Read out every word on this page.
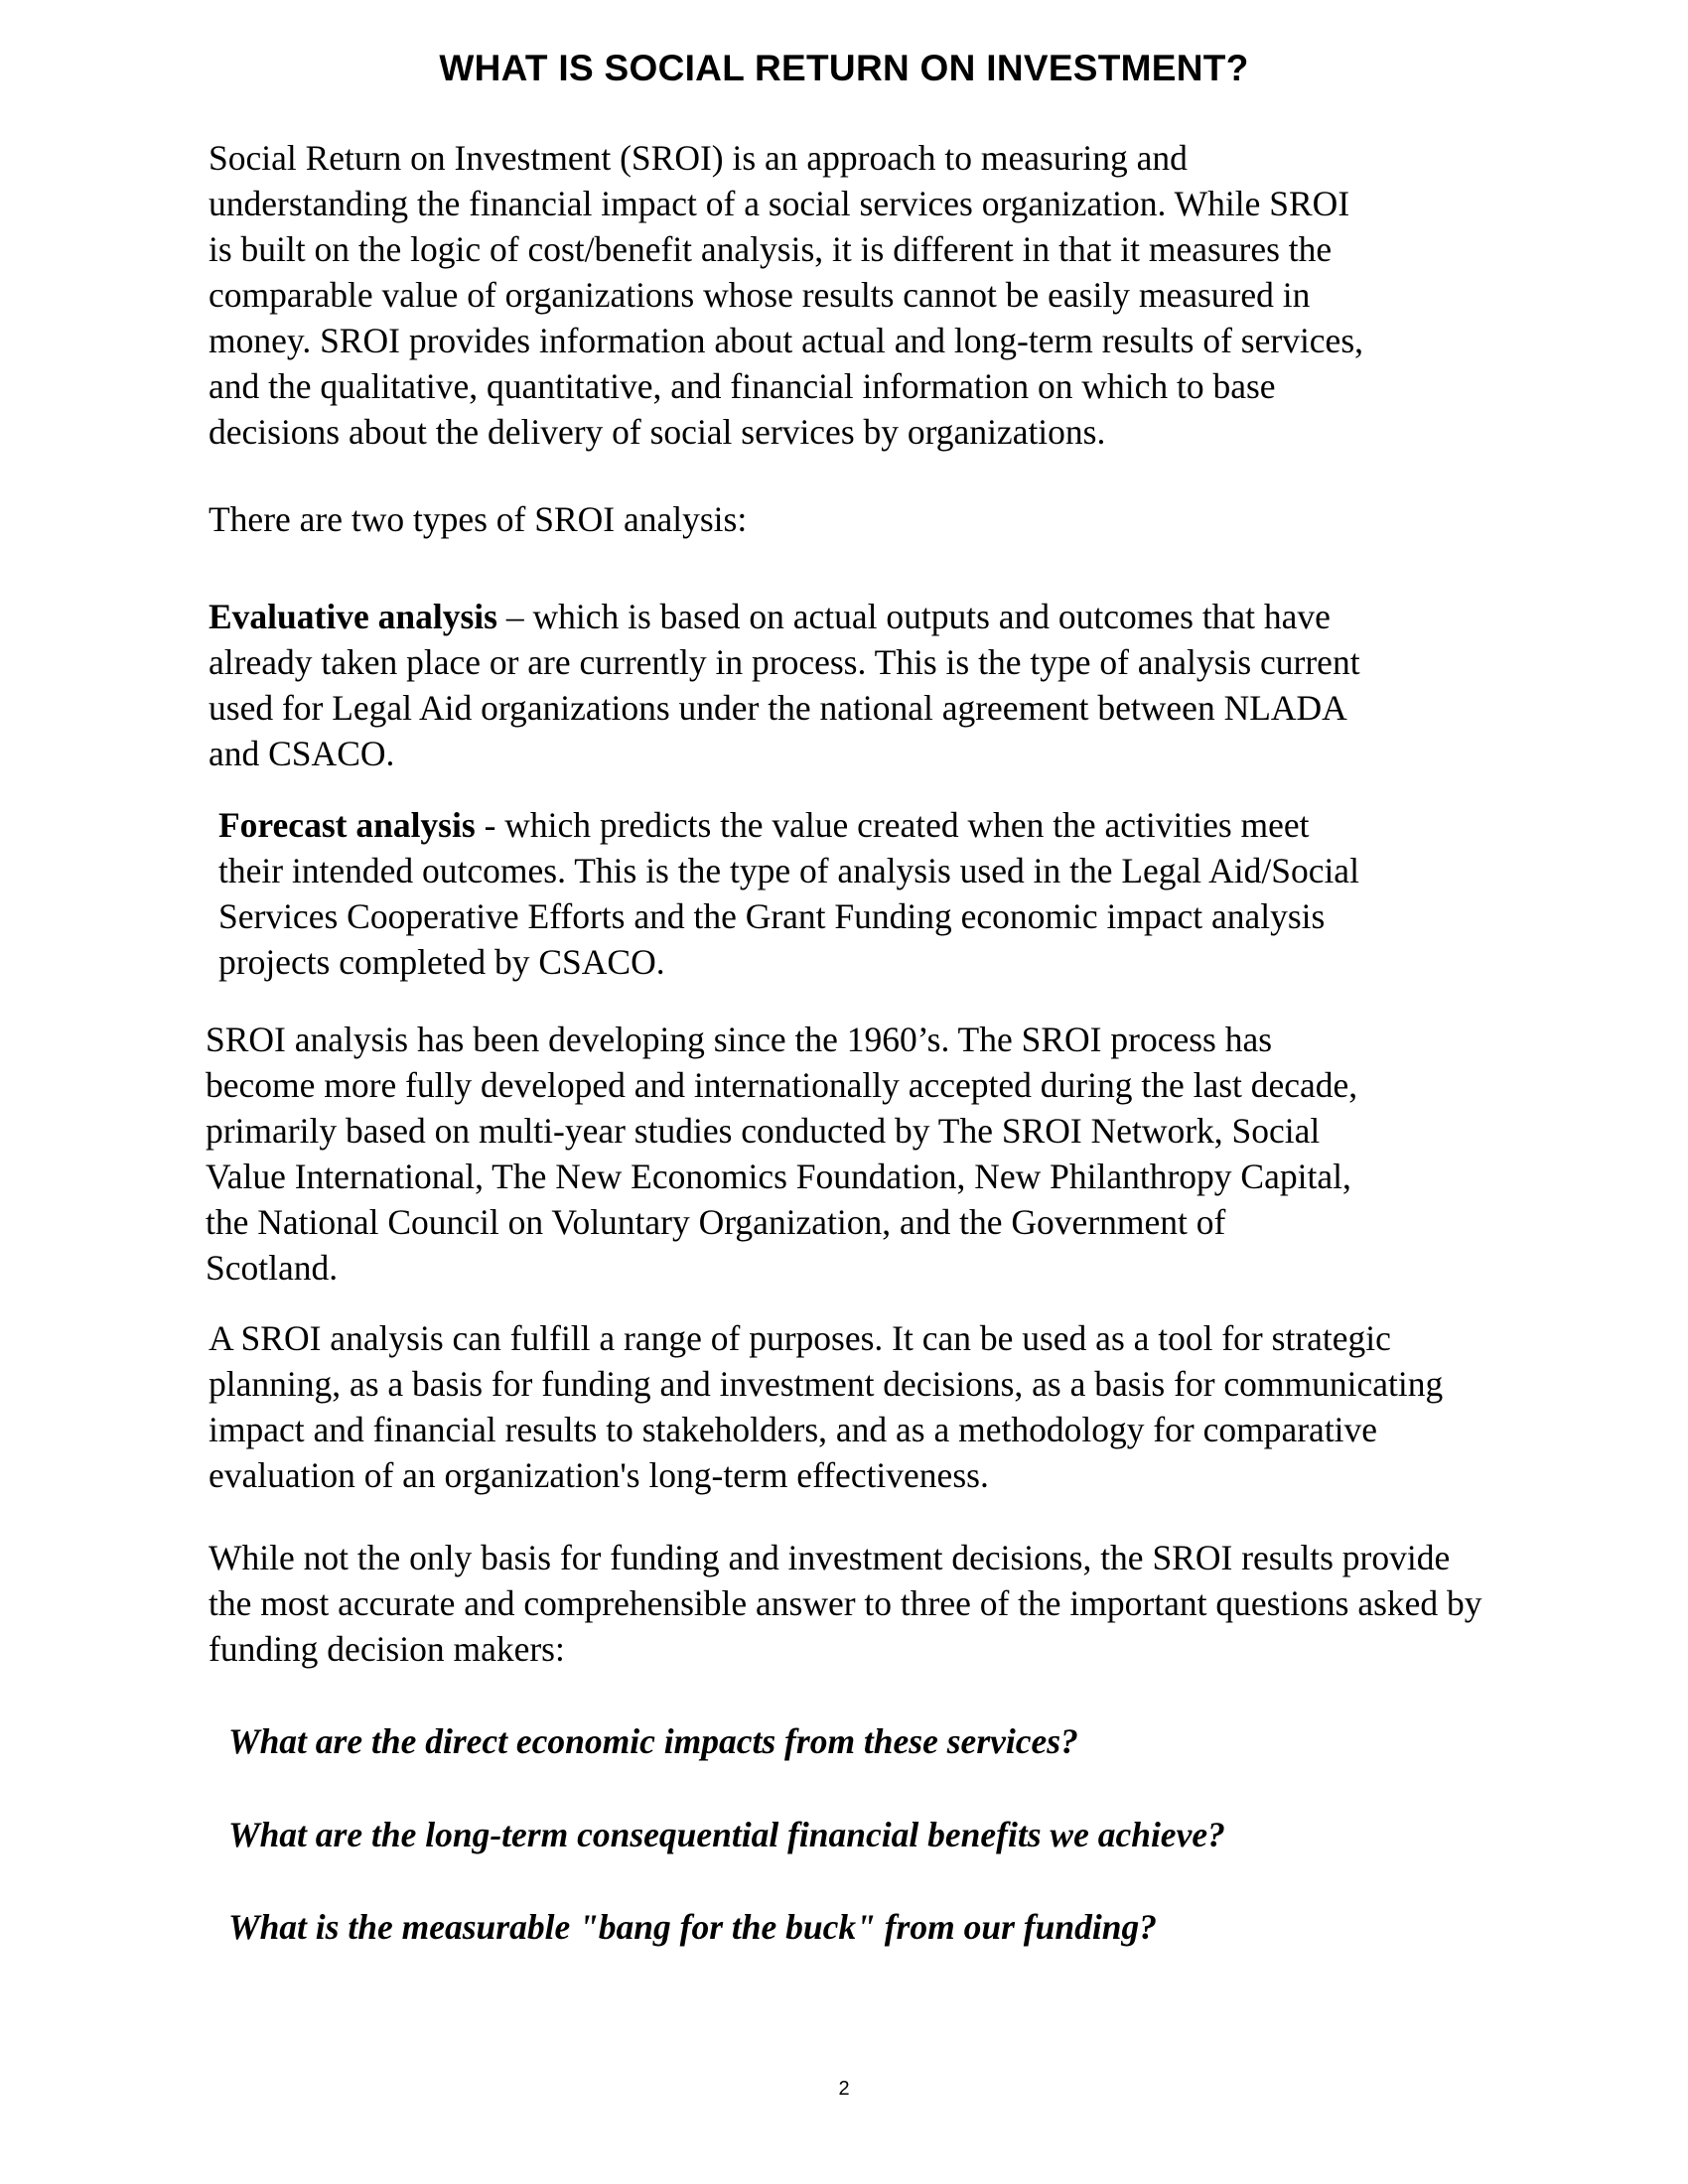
WHAT IS SOCIAL RETURN ON INVESTMENT?

Social Return on Investment (SROI) is an approach to measuring and
understanding the financial impact of a social services organization. While SROI
is built on the logic of cost/benefit analysis, it is different in that it measures the
comparable value of organizations whose results cannot be easily measured in
money. SROI provides information about actual and long-term results of services,
and the qualitative, quantitative, and financial information on which to base
decisions about the delivery of social services by organizations.

There are two types of SROI analysis:

Evaluative analysis – which is based on actual outputs and outcomes that have
already taken place or are currently in process. This is the type of analysis current
used for Legal Aid organizations under the national agreement between NLADA
and CSACO.

Forecast analysis - which predicts the value created when the activities meet
their intended outcomes. This is the type of analysis used in the Legal Aid/Social
Services Cooperative Efforts and the Grant Funding economic impact analysis
projects completed by CSACO.

SROI analysis has been developing since the 1960’s. The SROI process has
become more fully developed and internationally accepted during the last decade,
primarily based on multi-year studies conducted by The SROI Network, Social
Value International, The New Economics Foundation, New Philanthropy Capital,
the National Council on Voluntary Organization, and the Government of
Scotland.

A SROI analysis can fulfill a range of purposes. It can be used as a tool for strategic
planning, as a basis for funding and investment decisions, as a basis for communicating
impact and financial results to stakeholders, and as a methodology for comparative
evaluation of an organization's long-term effectiveness.

While not the only basis for funding and investment decisions, the SROI results provide
the most accurate and comprehensible answer to three of the important questions asked by
funding decision makers:

What are the direct economic impacts from these services?

What are the long-term consequential financial benefits we achieve?

What is the measurable "bang for the buck" from our funding?

2
